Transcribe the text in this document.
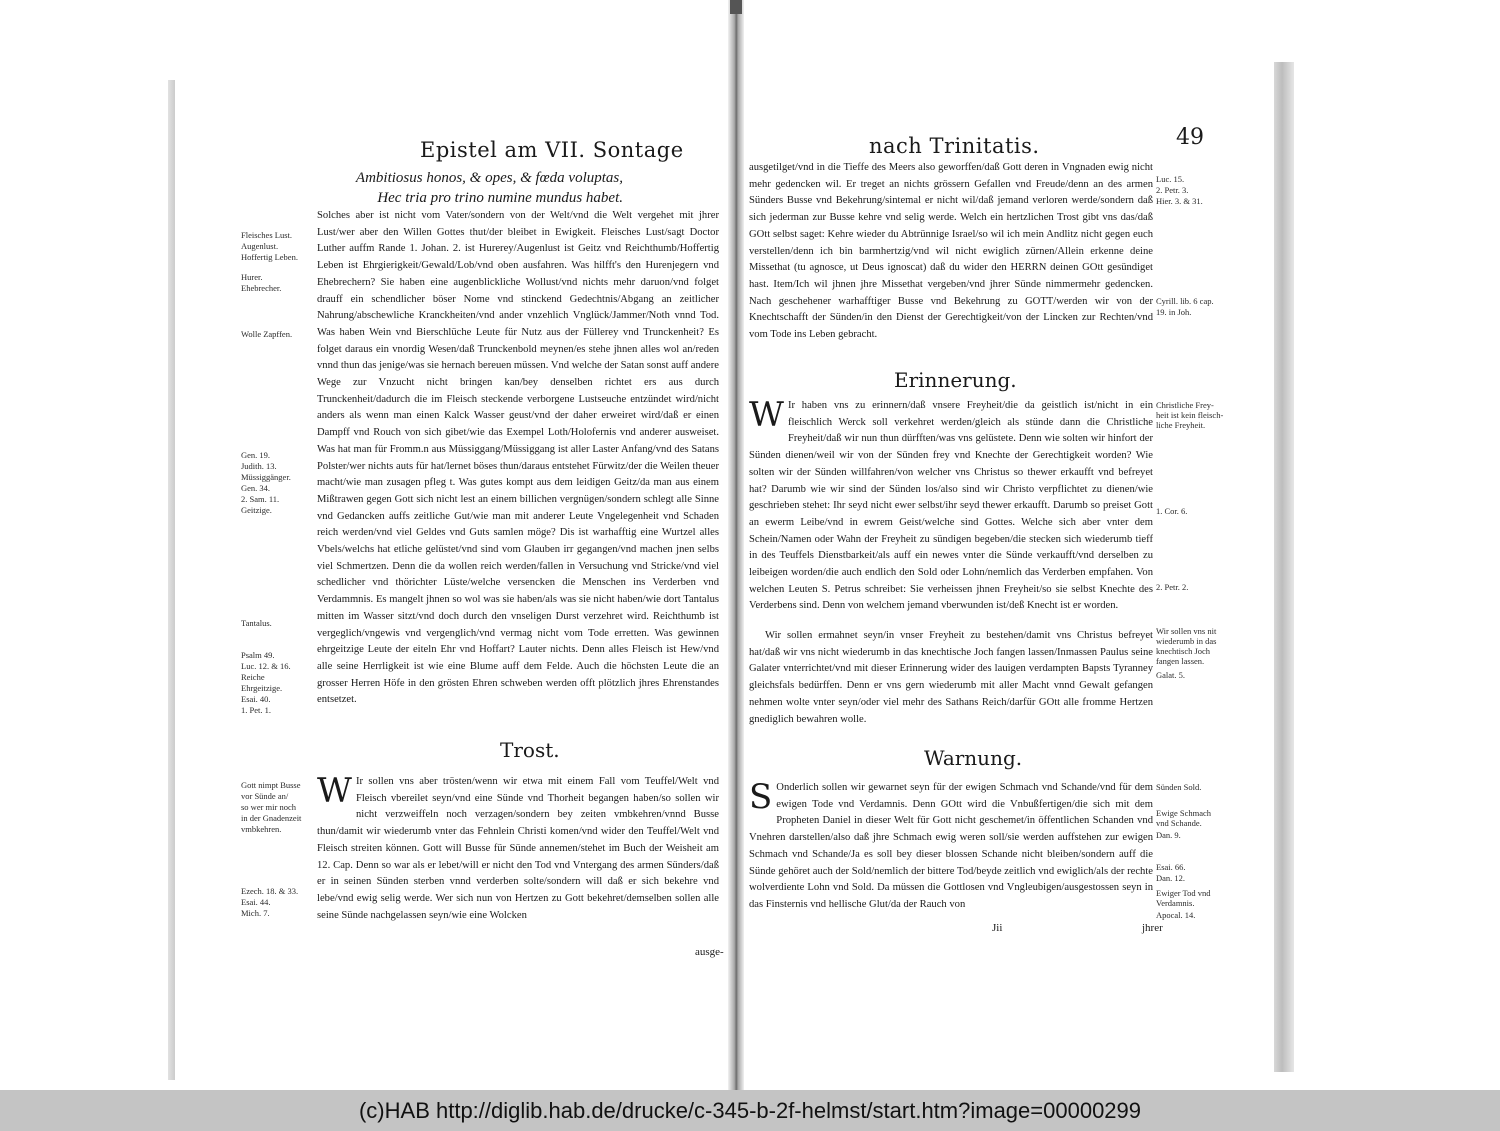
Epistel am VII. Sontage
Ambitiosus honos, & opes, & fœda voluptas,
Hec tria pro trino numine mundus habet.
Fleisches Lust.
Augenlust.
Hoffertig Leben.
Hurer.
Ehebrecher.
Wolle Zapffen.
Gen. 19.
Judith. 13.
Müssiggänger.
Gen. 34.
2. Sam. 11.
Geitzige.
Tantalus.
Psalm 49.
Luc. 12. & 16.
Reiche
Ehrgeitzige.
Esai. 40.
1. Pet. 1.
Gott nimpt Busse
vor Sünde an/
so wer mir noch
in der Gnadenzeit
vmbkehren.
Ezech. 18. & 33.
Esai. 44.
Mich. 7.

Solches aber ist nicht vom Vater/sondern von der Welt/vnd die Welt vergehet mit jhrer Lust/wer aber den Willen Gottes thut/der bleibet in Ewigkeit. Fleisches Lust/sagt Doctor Luther auffm Rande 1. Johan. 2. ist Hurerey/Augenlust ist Geitz vnd Reichthumb/Hoffertig Leben ist Ehrgierigkeit/Gewald/Lob/vnd oben ausfahren. Was hilfft's den Hurenjegern vnd Ehebrechern? Sie haben eine augenblickliche Wollust/vnd nichts mehr daruon/vnd folget drauff ein schendlicher böser Nome vnd stinckend Gedechtnis/Abgang an zeitlicher Nahrung/abschewliche Kranckheiten/vnd ander vnzehlich Vnglück/Jammer/Noth vnnd Tod. Was haben Wein vnd Bierschlüche Leute für Nutz aus der Füllerey vnd Trunckenheit? Es folget daraus ein vnordig Wesen/daß Trunckenbold meynen/es stehe jhnen alles wol an/reden vnnd thun das jenige/was sie hernach bereuen müssen. Vnd welche der Satan sonst auff andere Wege zur Vnzucht nicht bringen kan/bey denselben richtet ers aus durch Trunckenheit/dadurch die im Fleisch steckende verborgene Lustseuche entzündet wird/nicht anders als wenn man einen Kalck Wasser geust/vnd der daher erweiret wird/daß er einen Dampff vnd Rouch von sich gibet/wie das Exempel Loth/Holofernis vnd anderer ausweiset. Was hat man für Fromm.n aus Müssiggang/Müssiggang ist aller Laster Anfang/vnd des Satans Polster/wer nichts auts für hat/lernet böses thun/daraus entstehet Fürwitz/der die Weilen theuer macht/wie man zusagen pfleg t. Was gutes kompt aus dem leidigen Geitz/da man aus einem Mißtrawen gegen Gott sich nicht lest an einem billichen vergnügen/sondern schlegt alle Sinne vnd Gedancken auffs zeitliche Gut/wie man mit anderer Leute Vngelegenheit vnd Schaden reich werden/vnd viel Geldes vnd Guts samlen möge? Dis ist warhafftig eine Wurtzel alles Vbels/welchs hat etliche gelüstet/vnd sind vom Glauben irr gegangen/vnd machen jnen selbs viel Schmertzen. Denn die da wollen reich werden/fallen in Versuchung vnd Stricke/vnd viel schedlicher vnd thörichter Lüste/welche versencken die Menschen ins Verderben vnd Verdammnis. Es mangelt jhnen so wol was sie haben/als was sie nicht haben/wie dort Tantalus mitten im Wasser sitzt/vnd doch durch den vnseligen Durst verzehret wird. Reichthumb ist vergeglich/vngewis vnd vergenglich/vnd vermag nicht vom Tode erretten. Was gewinnen ehrgeitzige Leute der eiteln Ehr vnd Hoffart? Lauter nichts. Denn alles Fleisch ist Hew/vnd alle seine Herrligkeit ist wie eine Blume auff dem Felde. Auch die höchsten Leute die an grosser Herren Höfe in den grösten Ehren schweben werden offt plötzlich jhres Ehrenstandes entsetzet.

Trost.
W Ir sollen vns aber trösten/wenn wir etwa mit einem Fall vom Teuffel/Welt vnd Fleisch vbereilet seyn/vnd eine Sünde vnd Thorheit begangen haben/so sollen wir nicht verzweiffeln noch verzagen/sondern bey zeiten vmbkehren/vnnd Busse thun/damit wir wiederumb vnter das Fehnlein Christi komen/vnd wider den Teuffel/Welt vnd Fleisch streiten können. Gott will Busse für Sünde annemen/stehet im Buch der Weisheit am 12. Cap. Denn so war als er lebet/will er nicht den Tod vnd Vntergang des armen Sünders/daß er in seinen Sünden sterben vnnd verderben solte/sondern will daß er sich bekehre vnd lebe/vnd ewig selig werde. Wer sich nun von Hertzen zu Gott bekehret/demselben sollen alle seine Sünde nachgelassen seyn/wie eine Wolcken

ausge-
nach Trinitatis.	49

ausgetilget/vnd in die Tieffe des Meers also geworffen/daß Gott deren in Vngnaden ewig nicht mehr gedencken wil. Er treget an nichts grössern Gefallen vnd Freude/denn an des armen Sünders Busse vnd Bekehrung/sintemal er nicht wil/daß jemand verloren werde/sondern daß sich jederman zur Busse kehre vnd selig werde. Welch ein hertzlichen Trost gibt vns das/daß GOtt selbst saget: Kehre wieder du Abtrünnige Israel/so wil ich mein Andlitz nicht gegen euch verstellen/denn ich bin barmhertzig/vnd wil nicht ewiglich zürnen/Allein erkenne deine Missethat (tu agnosce, ut Deus ignoscat) daß du wider den HERRN deinen GOtt gesündiget hast. Item/Ich wil jhnen jhre Missethat vergeben/vnd jhrer Sünde nimmermehr gedencken. Nach geschehener warhafftiger Busse vnd Bekehrung zu GOTT/werden wir von der Knechtschafft der Sünden/in den Dienst der Gerechtigkeit/von der Lincken zur Rechten/vnd vom Tode ins Leben gebracht.

Luc. 15.
2. Petr. 3.
Hier. 3. & 31.
Cyrill. lib. 6 cap.
19. in Joh.
Christliche Frey-
heit ist kein fleisch-
liche Freyheit.
1. Cor. 6.
2. Petr. 2.
Wir sollen vns nit
wiederumb in das
knechtisch Joch
fangen lassen.
Galat. 5.
Sünden Sold.
Ewige Schmach
vnd Schande.
Dan. 9.
Esai. 66.
Dan. 12.
Ewiger Tod vnd
Verdamnis.
Apocal. 14.
Erinnerung.
W Ir haben vns zu erinnern/daß vnsere Freyheit/die da geistlich ist/nicht in ein fleischlich Werck soll verkehret werden/gleich als stünde dann die Christliche Freyheit/daß wir nun thun dürfften/was vns gelüstete. Denn wie solten wir hinfort der Sünden dienen/weil wir von der Sünden frey vnd Knechte der Gerechtigkeit worden? Wie solten wir der Sünden willfahren/von welcher vns Christus so thewer erkaufft vnd befreyet hat? Darumb wie wir sind der Sünden los/also sind wir Christo verpflichtet zu dienen/wie geschrieben stehet: Ihr seyd nicht ewer selbst/ihr seyd thewer erkaufft. Darumb so preiset Gott an ewerm Leibe/vnd in ewrem Geist/welche sind Gottes. Welche sich aber vnter dem Schein/Namen oder Wahn der Freyheit zu sündigen begeben/die stecken sich wiederumb tieff in des Teuffels Dienstbarkeit/als auff ein newes vnter die Sünde verkaufft/vnd derselben zu leibeigen worden/die auch endlich den Sold oder Lohn/nemlich das Verderben empfahen. Von welchen Leuten S. Petrus schreibet: Sie verheissen jhnen Freyheit/so sie selbst Knechte des Verderbens sind. Denn von welchem jemand vberwunden ist/deß Knecht ist er worden.

Wir sollen ermahnet seyn/in vnser Freyheit zu bestehen/damit vns Christus befreyet hat/daß wir vns nicht wiederumb in das knechtische Joch fangen lassen/Inmassen Paulus seine Galater vnterrichtet/vnd mit dieser Erinnerung wider des lauigen verdampten Bapsts Tyranney gleichsfals bedürffen. Denn er vns gern wiederumb mit aller Macht vnnd Gewalt gefangen nehmen wolte vnter seyn/oder viel mehr des Sathans Reich/darfür GOtt alle fromme Hertzen gnediglich bewahren wolle.

Warnung.
S Onderlich sollen wir gewarnet seyn für der ewigen Schmach vnd Schande/vnd für dem ewigen Tode vnd Verdamnis. Denn GOtt wird die Vnbußfertigen/die sich mit dem Propheten Daniel in dieser Welt für Gott nicht geschemet/in öffentlichen Schanden vnd Vnehren darstellen/also daß jhre Schmach ewig weren soll/sie werden auffstehen zur ewigen Schmach vnd Schande/Ja es soll bey dieser blossen Schande nicht bleiben/sondern auff die Sünde gehöret auch der Sold/nemlich der bittere Tod/beyde zeitlich vnd ewiglich/als der rechte wolverdiente Lohn vnd Sold. Da müssen die Gottlosen vnd Vngleubigen/ausgestossen seyn in das Finsternis vnd hellische Glut/da der Rauch von

Jii	jhrer
(c)HAB http://diglib.hab.de/drucke/c-345-b-2f-helmst/start.htm?image=00000299
